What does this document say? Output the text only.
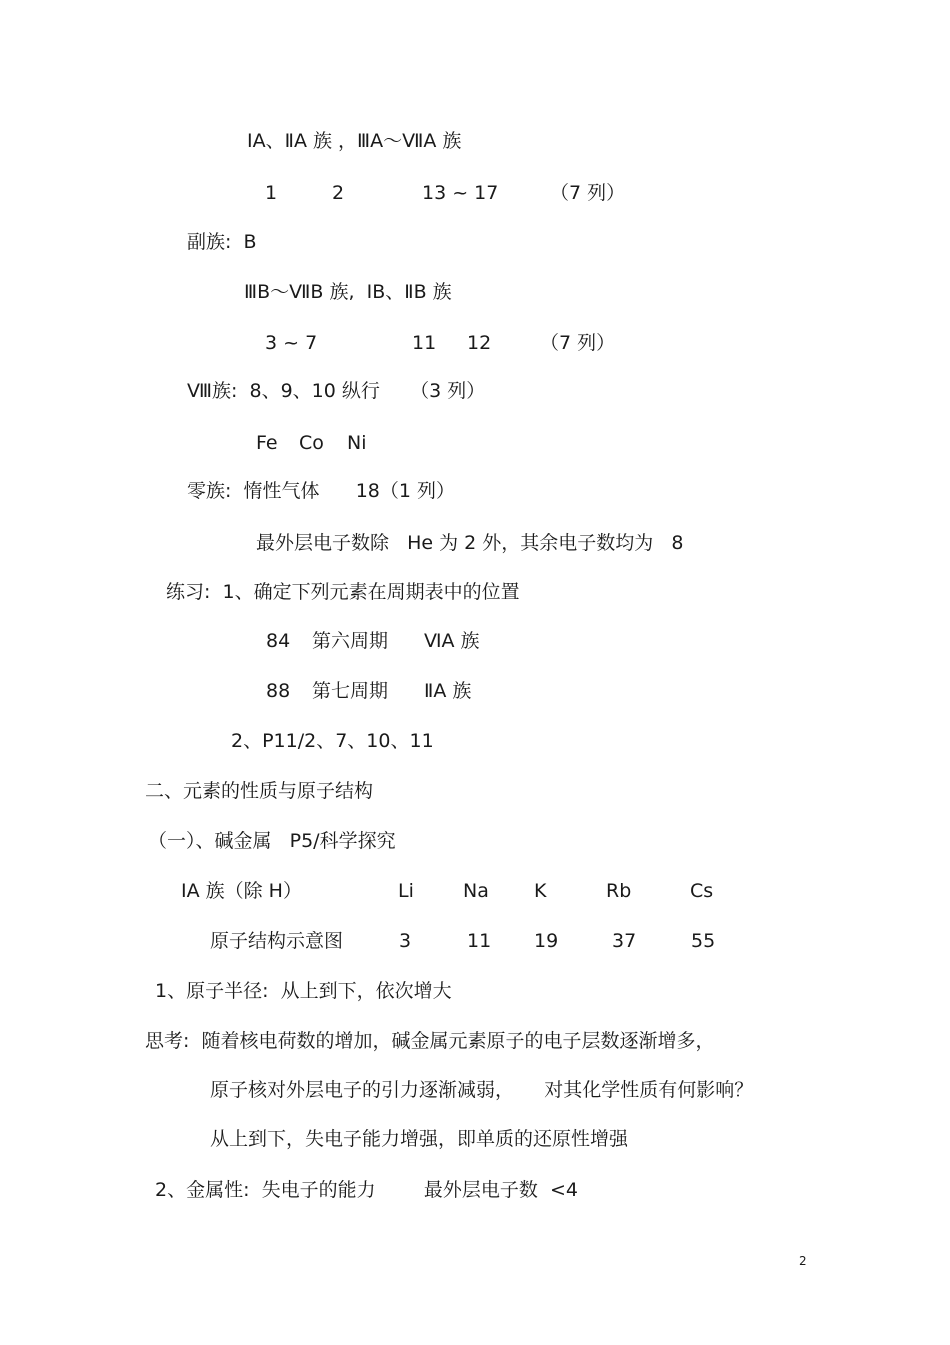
ⅠA、ⅡA 族 ，ⅢA～ⅦA 族
1	2	13 ~ 17	（7 列）
副族:  B
ⅢB～ⅦB 族,  ⅠB、ⅡB 族
3 ~ 7	11 12	（7 列）
Ⅷ族:  8、9、10 纵行     （3 列）
Fe Co Ni
零族:  惰性气体      18（1 列）
最外层电子数除   He 为 2 外，其余电子数均为   8
练习:  1、确定下列元素在周期表中的位置
84 第六周期 ⅥA 族
88 第七周期 ⅡA 族
2、P11/2、7、10、11
二、元素的性质与原子结构
（一）、碱金属   P5/科学探究
ⅠA 族（除 H）	Li	Na K	Rb	Cs
原子结构示意图	3	11 19	37	55
1、原子半径:  从上到下，依次增大
思考:  随着核电荷数的增加，碱金属元素原子的电子层数逐渐增多，
原子核对外层电子的引力逐渐减弱，     对其化学性质有何影响？
从上到下，失电子能力增强，即单质的还原性增强
2、金属性:  失电子的能力        最外层电子数  <4
2
